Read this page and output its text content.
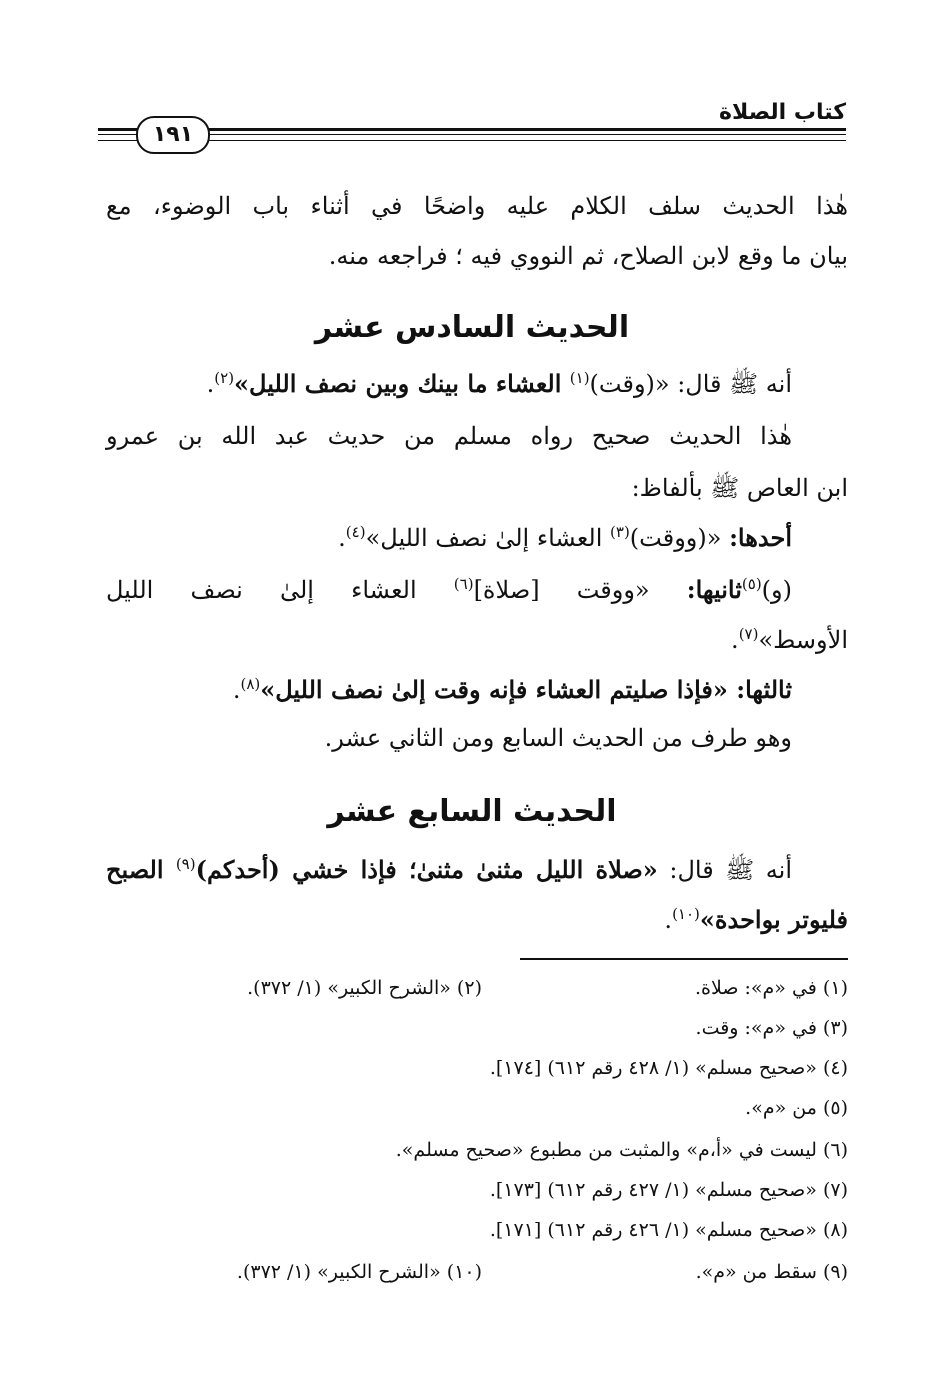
كتاب الصلاة
١٩١
هٰذا الحديث سلف الكلام عليه واضحًا في أثناء باب الوضوء، مع
بيان ما وقع لابن الصلاح، ثم النووي فيه ؛ فراجعه منه.
الحديث السادس عشر
أنه ﷺ قال: «(وقت)$^{(١)}$ العشاء ما بينك وبين نصف الليل»$^{(٢)}$.
هٰذا الحديث صحيح رواه مسلم من حديث عبد الله بن عمرو
ابن العاص ﷺ بألفاظ:
أحدها: «(ووقت)$^{(٣)}$ العشاء إلىٰ نصف الليل»$^{(٤)}$.
(و)$^{(٥)}$ثانيها: «ووقت [صلاة]$^{(٦)}$ العشاء إلىٰ نصف الليل
الأوسط»$^{(٧)}$.
ثالثها: «فإذا صليتم العشاء فإنه وقت إلىٰ نصف الليل»$^{(٨)}$.
وهو طرف من الحديث السابع ومن الثاني عشر.
الحديث السابع عشر
أنه ﷺ قال: «صلاة الليل مثنىٰ مثنىٰ؛ فإذا خشي (أحدكم)$^{(٩)}$ الصبح
فليوتر بواحدة»$^{(١٠)}$.
(١) في «م»: صلاة.
(٢) «الشرح الكبير» (١/ ٣٧٢).
(٣) في «م»: وقت.
(٤) «صحيح مسلم» (١/ ٤٢٨ رقم ٦١٢) [١٧٤].
(٥) من «م».
(٦) ليست في «أ،م» والمثبت من مطبوع «صحيح مسلم».
(٧) «صحيح مسلم» (١/ ٤٢٧ رقم ٦١٢) [١٧٣].
(٨) «صحيح مسلم» (١/ ٤٢٦ رقم ٦١٢) [١٧١].
(٩) سقط من «م».
(١٠) «الشرح الكبير» (١/ ٣٧٢).
